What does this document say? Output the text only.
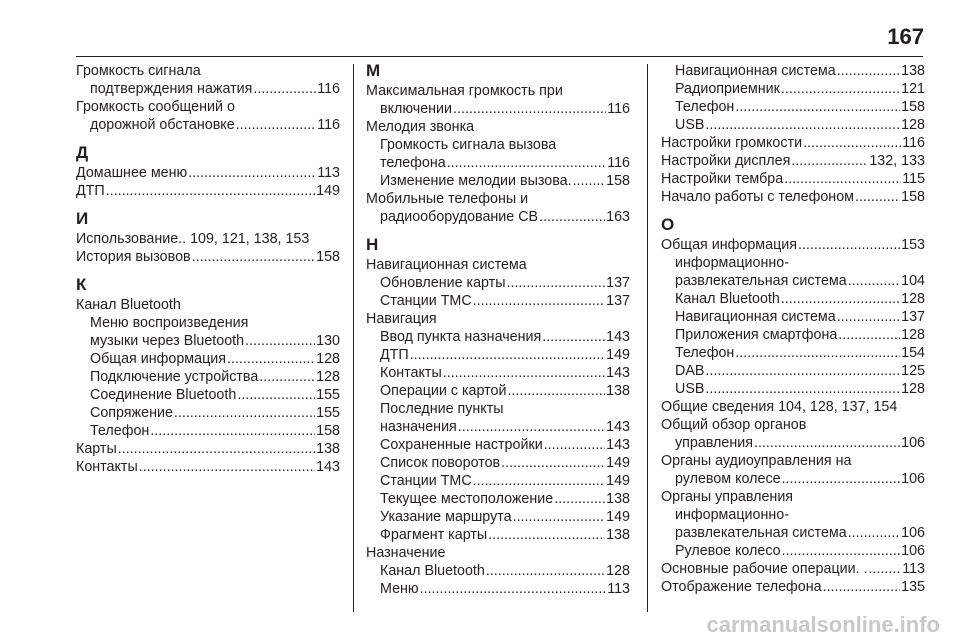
167
Громкость сигнала
подтверждения нажатия .....	116
Громкость сообщений о
дорожной обстановке .....	116
Д
Домашнее меню .....	113
ДТП .....	149
И
Использование.. 109, 121, 138, 153
История вызовов .....	158
К
Канал Bluetooth
Меню воспроизведения
музыки через Bluetooth .....	130
Общая информация .....	128
Подключение устройства .....	128
Соединение Bluetooth .....	155
Сопряжение .....	155
Телефон .....	158
Карты .....	138
Контакты .....	143
М
Максимальная громкость при
включении .....	116
Мелодия звонка
Громкость сигнала вызова
телефона .....	116
Изменение мелодии вызова. ..... 158
Мобильные телефоны и
радиооборудование СВ .....	163
Н
Навигационная система
Обновление карты .....	137
Станции TMC .....	137
Навигация
Ввод пункта назначения .....	143
ДТП .....	149
Контакты .....	143
Операции с картой .....	138
Последние пункты
назначения .....	143
Сохраненные настройки .....	143
Список поворотов .....	149
Станции TMC .....	149
Текущее местоположение .....	138
Указание маршрута .....	149
Фрагмент карты .....	138
Назначение
Канал Bluetooth .....	128
Меню .....	113
Навигационная система .....	138
Радиоприемник .....	121
Телефон .....	158
USB .....	128
Настройки громкости .....	116
Настройки дисплея .....	132, 133
Настройки тембра .....	115
Начало работы с телефоном .....	158
О
Общая информация .....	153
информационно-
развлекательная система .....	104
Канал Bluetooth .....	128
Навигационная система .....	137
Приложения смартфона .....	128
Телефон .....	154
DAB .....	125
USB .....	128
Общие сведения 104, 128, 137, 154
Общий обзор органов
управления .....	106
Органы аудиоуправления на
рулевом колесе .....	106
Органы управления
информационно-
развлекательная система .....	106
Рулевое колесо .....	106
Основные рабочие операции. . ..... 113
Отображение телефона .....	135
carmanualsonline.info
